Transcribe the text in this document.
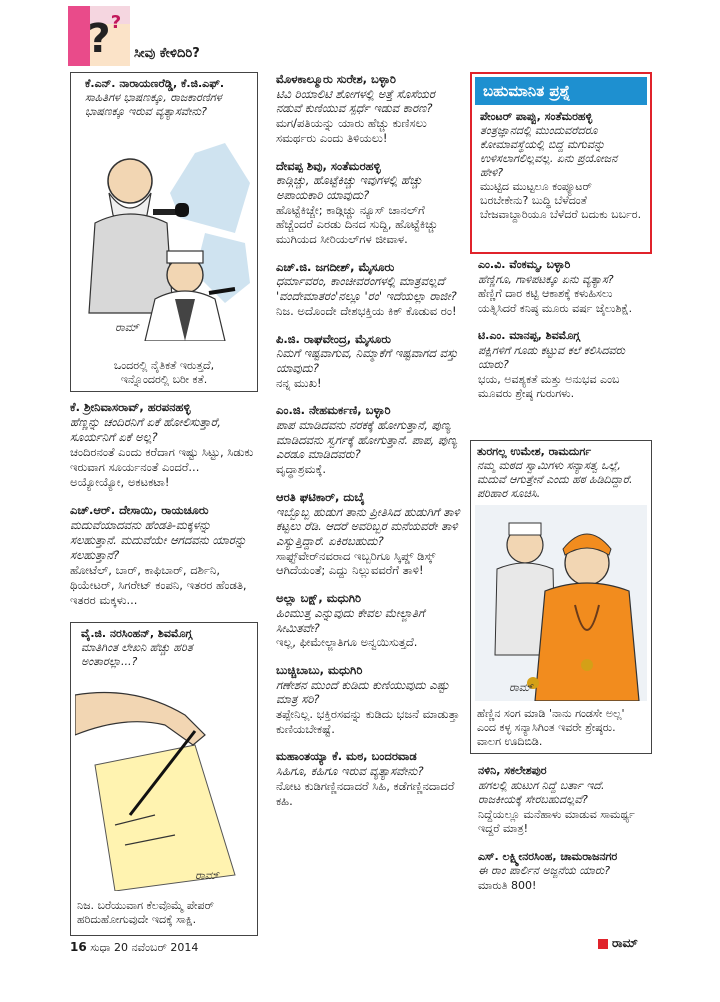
? ?
ಸೀವು ಕೇಳಿದಿರಿ?

ಕೆ.ಎನ್. ನಾರಾಯಣರೆಡ್ಡಿ, ಕೆ.ಜಿ.ಎಫ್.

ಸಾಹಿತಿಗಳ ಭಾಷಣಕ್ಕೂ, ರಾಜಕಾರಣಿಗಳ ಭಾಷಣಕ್ಕೂ ಇರುವ ವ್ಯತ್ಯಾಸವೇನು?

ರಾಮ್
ಒಂದರಲ್ಲಿ ನೈತಿಕತೆ ಇರುತ್ತದೆ,
ಇನ್ನೊಂದರಲ್ಲಿ ಬರೀ ಕತೆ.

ಕೆ. ಶ್ರೀನಿವಾಸರಾವ್, ಹರಪನಹಳ್ಳಿ

ಹೆಣ್ಣನ್ನು ಚಂದಿರನಿಗೆ ಏಕೆ ಹೋಲಿಸುತ್ತಾರೆ, ಸೂರ್ಯನಿಗೆ ಏಕೆ ಅಲ್ಲ?

ಚಂದಿರನಂತೆ ಎಂದು ಕರೆದಾಗ ಇಷ್ಟು ಸಿಟ್ಟು, ಸಿಡುಕು ಇರುವಾಗ ಸೂರ್ಯನಂತೆ ಎಂದರೆ... ಅಯ್ಯೋಯ್ಯೋ, ಅಕಟಕಟಾ!

ಎಚ್.ಆರ್. ದೇಸಾಯಿ, ರಾಯಚೂರು

ಮದುವೆಯಾದವನು ಹೆಂಡತಿ-ಮಕ್ಕಳನ್ನು ಸಲಹುತ್ತಾನೆ. ಮದುವೆಯೇ ಆಗದವನು ಯಾರನ್ನು ಸಲಹುತ್ತಾನೆ?

ಹೋಟೆಲ್, ಬಾರ್, ಕಾಫಿಬಾರ್, ದರ್ಶಿನಿ, ಥಿಯೇಟರ್, ಸಿಗರೇಟ್ ಕಂಪನಿ, ಇತರರ ಹೆಂಡತಿ, ಇತರರ ಮಕ್ಕಳು...

ವೈ.ಜಿ. ನರಸಿಂಹನ್, ಶಿವಮೊಗ್ಗ

ಮಾತಿಗಿಂತ ಲೇಖನಿ ಹೆಚ್ಚು ಹರಿತ ಅಂತಾರಲ್ಲಾ...?

ರಾಮ್
ನಿಜ. ಬರೆಯುವಾಗ ಕೆಲವೊಮ್ಮೆ ಪೇಪರ್
ಹರಿದುಹೋಗುವುದೇ ಇದಕ್ಕೆ ಸಾಕ್ಷಿ.

ಮೊಳಕಾಲ್ಮೂರು ಸುರೇಶ, ಬಳ್ಳಾರಿ

ಟಿವಿ ರಿಯಾಲಿಟಿ ಶೋಗಳಲ್ಲಿ ಅತ್ತೆ ಸೊಸೆಯರ ನಡುವೆ ಕುಣಿಯುವ ಸ್ಪರ್ಧೆ ಇಡುವ ಕಾರಣ?

ಮಗ/ಪತಿಯನ್ನು ಯಾರು ಹೆಚ್ಚು ಕುಣಿಸಲು ಸಮರ್ಥರು ಎಂದು ತಿಳಿಯಲು!

ದೇವಪ್ಪ ಶಿವು, ಸಂತೆಮರಹಳ್ಳಿ

ಕಾಡ್ಗಿಚ್ಚು, ಹೊಟ್ಟೆಕಿಚ್ಚು ಇವುಗಳಲ್ಲಿ ಹೆಚ್ಚು ಅಪಾಯಕಾರಿ ಯಾವುದು?

ಹೊಟ್ಟೆಕಿಚ್ಚೇ; ಕಾಡ್ಗಿಚ್ಚು ನ್ಯೂಸ್ ಚಾನಲ್‌ಗೆ ಹೆಚ್ಚೆಂದರೆ ಎರಡು ದಿನದ ಸುದ್ದಿ, ಹೊಟ್ಟೆಕಿಚ್ಚು ಮುಗಿಯದ ಸೀರಿಯಲ್‌ಗಳ ಜೀವಾಳ.

ಎಚ್.ಜಿ. ಜಗದೀಶ್, ಮೈಸೂರು

ಧರ್ಮಾವರಂ, ಕಾಂಚೀವರಂಗಳಲ್ಲಿ ಮಾತ್ರವಲ್ಲದೆ 'ವಂದೇಮಾತರಂ'ನಲ್ಲೂ 'ರಂ' ಇದೆಯಲ್ಲಾ ರಾಜೀ?

ನಿಜ. ಅದೊಂದೇ ದೇಶಭಕ್ತಿಯ ಕಿಕ್ ಕೊಡುವ ರಂ!

ಪಿ.ಜಿ. ರಾಘವೇಂದ್ರ, ಮೈಸೂರು

ನಿಮಗೆ ಇಷ್ಟವಾಗುವ, ನಿಮ್ಮಾಕೆಗೆ ಇಷ್ಟವಾಗದ ವಸ್ತು ಯಾವುದು?

ನನ್ನ ಮುಖ!

ಎಂ.ಜಿ. ನೇಹಮರ್ಕಣಿ, ಬಳ್ಳಾರಿ

ಪಾಪ ಮಾಡಿದವನು ನರಕಕ್ಕೆ ಹೋಗುತ್ತಾನೆ, ಪುಣ್ಯ ಮಾಡಿದವನು ಸ್ವರ್ಗಕ್ಕೆ ಹೋಗುತ್ತಾನೆ. ಪಾಪ, ಪುಣ್ಯ ಎರಡೂ ಮಾಡಿದವರು?

ವೃದ್ಧಾಶ್ರಮಕ್ಕೆ.

ಆರತಿ ಘಟಿಕಾರ್, ದುಬೈ

ಇಬ್ಬೊಬ್ಬ ಹುಡುಗ ತಾನು ಪ್ರೀತಿಸಿದ ಹುಡುಗಿಗೆ ತಾಳಿ ಕಟ್ಟಲು ರೆಡಿ. ಆದರೆ ಅವರಿಬ್ಬರ ಮನೆಯವರೇ ತಾಳಿ ಎಸ್ಯುತ್ತಿದ್ದಾರೆ. ಏಕಿರಬಹುದು?

ಸಾಫ್ಟ್‌ವೇರ್‌ನವರಾದ ಇಬ್ಬರಿಗೂ ಸ್ಕಿಪ್ಡ್ ಡಿಸ್ಕ್ ಆಗಿದೆಯಂತೆ; ಎದ್ದು ನಿಲ್ಲುವವರೆಗೆ ತಾಳಿ!

ಅಲ್ಲಾ ಬಕ್ಷ್, ಮಧುಗಿರಿ

ಹಿಂಮುತ್ತ ಎನ್ನುವುದು ಕೇವಲ ಮೇಲ್ಜಾತಿಗೆ ಸೀಮಿತವೇ?

ಇಲ್ಲ, ಫೀಮೇಲ್ಜಾತಿಗೂ ಅನ್ವಯಿಸುತ್ತದೆ.

ಬುಚ್ಚಿಬಾಬು, ಮಧುಗಿರಿ

ಗಣೇಶನ ಮುಂದೆ ಕುಡಿದು ಕುಣಿಯುವುದು ಎಷ್ಟು ಮಾತ್ರ ಸರಿ?

ತಪ್ಪೇನಿಲ್ಲ. ಭಕ್ತಿರಸವನ್ನು ಕುಡಿದು ಭಜನೆ ಮಾಡುತ್ತಾ ಕುಣಿಯಬೇಕಷ್ಟೆ.

ಮಹಾಂತಯ್ಯಾ ಕೆ. ಮಠ, ಬಂದರವಾಡ

ಸಿಹಿಗೂ, ಕಹಿಗೂ ಇರುವ ವ್ಯತ್ಯಾಸವೇನು?

ನೋಟ ಕುಡಿಗಣ್ಣಿನದಾದರೆ ಸಿಹಿ, ಕಡೆಗಣ್ಣಿನದಾದರೆ ಕಹಿ.

ಬಹುಮಾನಿತ ಪ್ರಶ್ನೆ

ಪೇಂಟರ್ ಪಾಪ್ಪು, ಸಂತೆಮರಹಳ್ಳಿ

ತಂತ್ರಜ್ಞಾನದಲ್ಲಿ ಮುಂದುವರೆದರೂ ಕೋಮಾವಸ್ಥೆಯಲ್ಲಿ ಬಿದ್ದ ಮಗುವನ್ನು ಉಳಿಸಲಾಗಲಿಲ್ಲವಲ್ಲ. ಏನು ಪ್ರಯೋಜನ ಹೇಳಿ?

ಮುಟ್ಟಿದ ಮುಟ್ಟಲೂ ಕಂಪ್ಯೂಟರ್ ಬರಬೇಕೇನು? ಬುದ್ಧಿ ಬೆಳೆದಂತೆ ಬೇಜವಾಬ್ದಾರಿಯೂ ಬೆಳೆದರೆ ಬದುಕು ಬರ್ಬರ.

ಎಂ.ವಿ. ವೆಂಕಮ್ಮ, ಬಳ್ಳಾರಿ

ಹೆಣ್ಣಿಗೂ, ಗಾಳಿಪಟಕ್ಕೂ ಏನು ವ್ಯತ್ಯಾಸ?

ಹೆಣ್ಣಿಗೆ ದಾರ ಕಟ್ಟಿ ಆಕಾಶಕ್ಕೆ ಕಳುಹಿಸಲು ಯತ್ನಿಸಿದರೆ ಕನಿಷ್ಠ ಮೂರು ವರ್ಷ ಜೈಲುಶಿಕ್ಷೆ.

ಟಿ.ಎಂ. ಮಾನಪ್ಪ, ಶಿವಮೊಗ್ಗ

ಪಕ್ಷಿಗಳಿಗೆ ಗೂಡು ಕಟ್ಟುವ ಕಲೆ ಕಲಿಸಿದವರು ಯಾರು?

ಭಯ, ಅವಶ್ಯಕತೆ ಮತ್ತು ಅನುಭವ ಎಂಬ ಮೂವರು ಶ್ರೇಷ್ಠ ಗುರುಗಳು.

ತುರಗಲ್ಲ ಉಮೇಶ, ರಾಮದುರ್ಗ

ನಮ್ಮ ಮಠದ ಸ್ವಾಮಿಗಳು ಸನ್ಯಾಸತ್ವ ಒಲ್ಲೆ, ಮದುವೆ ಆಗುತ್ತೇನೆ ಎಂದು ಹಠ ಹಿಡಿದಿದ್ದಾರೆ. ಪರಿಹಾರ ಸೂಚಿಸಿ.

ರಾಮ್
ಹೆಣ್ಣಿನ ಸಂಗ ಮಾಡಿ 'ನಾನು ಗಂಡಸೇ ಅಲ್ಲ'
ಎಂದ ಕಳ್ಳ ಸನ್ಯಾಸಿಗಿಂತ ಇವರೇ ಶ್ರೇಷ್ಠರು.
ವಾಲಗ ಊದಿಬಿಡಿ.

ನಳಿನಿ, ಸಕಲೇಶಪುರ

ಹಗಲಲ್ಲಿ ಹುಟುಗ ನಿದ್ದೆ ಬರ್ತಾ ಇದೆ. ರಾಜಕೀಯಕ್ಕೆ ಸೇರಬಹುದಲ್ಲವೆ?

ನಿದ್ದೆಯಲ್ಲೂ ಮನೆಹಾಳು ಮಾಡುವ ಸಾಮರ್ಥ್ಯ ಇದ್ದರೆ ಮಾತ್ರ!

ಎಸ್. ಲಕ್ಷ್ಮೀನರಸಿಂಹ, ಚಾಮರಾಜನಗರ

ಈ ರಾಂ ಪಾರ್ಲಿನ ಅಜ್ಜನೆಯ ಯಾರು?

ಮಾರುತಿ 800!

16 ಸುಧಾ 20 ನವೆಂಬರ್ 2014	ರಾಮ್
